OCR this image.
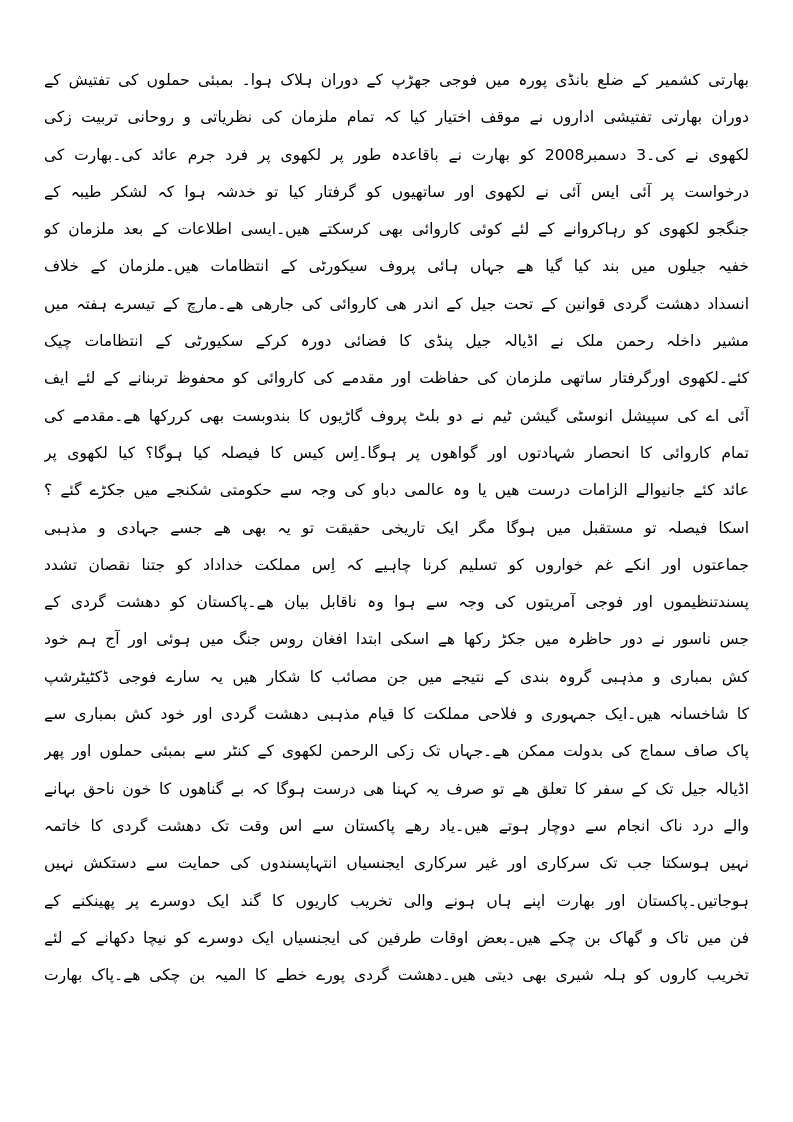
بھارتی کشمیر کے ضلع بانڈی پورہ میں فوجی جھڑپ کے دوران ہلاک ہوا۔ بمبئی حملوں کی تفتیش کے
دوران بھارتی تفتیشی اداروں نے موقف اختیار کیا کہ تمام ملزمان کی نظریاتی و روحانی تربیت زکی
لکھوی نے کی۔3 دسمبر2008 کو بھارت نے باقاعدہ طور پر لکھوی پر فرد جرم عائد کی۔بھارت کی
درخواست پر آئی ایس آئی نے لکھوی اور ساتھیوں کو گرفتار کیا تو خدشہ ہوا کہ لشکر طیبہ کے
جنگجو لکھوی کو رہاکروانے کے لئے کوئی کاروائی بھی کرسکتے ھیں۔ایسی اطلاعات کے بعد ملزمان کو
خفیہ جیلوں میں بند کیا گیا ھے جہاں ہائی پروف سیکورٹی کے انتظامات ھیں۔ملزمان کے خلاف
انسداد دھشت گردی قوانین کے تحت جیل کے اندر ھی کاروائی کی جارھی ھے۔مارچ کے تیسرے ہفتہ میں
مشیر داخلہ رحمن ملک نے اڈیالہ جیل پنڈی کا فضائی دورہ کرکے سکیورٹی کے انتظامات چیک
کئے۔لکھوی اورگرفتار ساتھی ملزمان کی حفاظت اور مقدمے کی کاروائی کو محفوظ تربنانے کے لئے ایف
آئی اے کی سپیشل انوسٹی گیشن ٹیم نے دو بلٹ پروف گاڑیوں کا بندوبست بھی کررکھا ھے۔مقدمے کی
تمام کاروائی کا انحصار شہادتوں اور گواھوں پر ہوگا۔اِس کیس کا فیصلہ کیا ہوگا؟ کیا لکھوی پر
عائد کئے جانیوالے الزامات درست ھیں یا وہ عالمی دباو کی وجہ سے حکومتی شکنجے میں جکڑے گئے ؟
اسکا فیصلہ تو مستقبل میں ہوگا مگر ایک تاریخی حقیقت تو یہ بھی ھے جسے جہادی و مذہبی
جماعتوں اور انکے غم خواروں کو تسلیم کرنا چاہیے کہ اِس مملکت خداداد کو جتنا نقصان تشدد
پسندتنظیموں اور فوجی آمریتوں کی وجہ سے ہوا وہ ناقابل بیان ھے۔پاکستان کو دھشت گردی کے
جس ناسور نے دور حاظرہ میں جکڑ رکھا ھے اسکی ابتدا افغان روس جنگ میں ہوئی اور آج ہم خود
کش بمباری و مذہبی گروہ بندی کے نتیجے میں جن مصائب کا شکار ھیں یہ سارے فوجی ڈکٹیٹرشپ
کا شاخسانہ ھیں۔ایک جمہوری و فلاحی مملکت کا قیام مذہبی دھشت گردی اور خود کش بمباری سے
پاک صاف سماج کی بدولت ممکن ھے۔جہاں تک زکی الرحمن لکھوی کے کنٹر سے بمبئی حملوں اور پھر
اڈیالہ جیل تک کے سفر کا تعلق ھے تو صرف یہ کہنا ھی درست ہوگا کہ بے گناھوں کا خون ناحق بہانے
والے درد ناک انجام سے دوچار ہوتے ھیں۔یاد رھے پاکستان سے اس وقت تک دھشت گردی کا خاتمہ
نہیں ہوسکتا جب تک سرکاری اور غیر سرکاری ایجنسیاں انتہاپسندوں کی حمایت سے دستکش نہیں
ہوجاتیں۔پاکستان اور بھارت اپنے ہاں ہونے والی تخریب کاریوں کا گند ایک دوسرے پر پھینکنے کے
فن میں تاک و گھاک بن چکے ھیں۔بعض اوقات طرفین کی ایجنسیاں ایک دوسرے کو نیچا دکھانے کے لئے
تخریب کاروں کو ہلہ شیری بھی دیتی ھیں۔دھشت گردی پورے خطے کا المیہ بن چکی ھے۔پاک بھارت
